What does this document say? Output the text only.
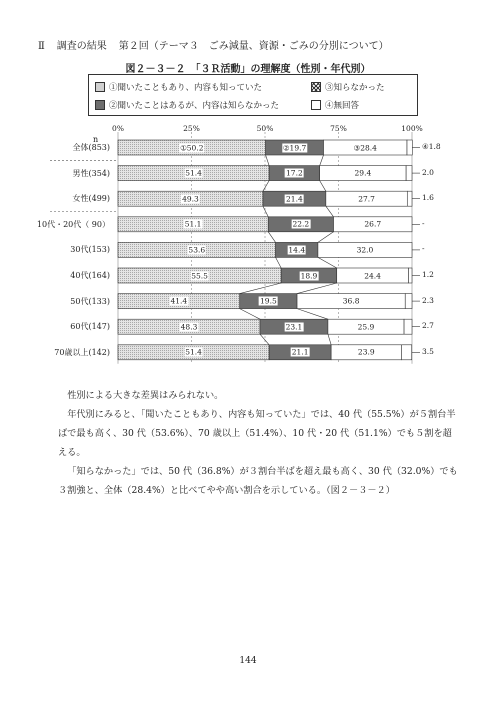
Ⅱ 調査の結果 第２回（テーマ３　ごみ減量、資源・ごみの分別について）
図２－３－２　「３Ｒ活動」の理解度（性別・年代別）
①聞いたこともあり、内容も知っていた	③知らなかった
②聞いたことはあるが、内容は知らなかった	④無回答
0%	25%	50%	75%	100%
n
全体(853)	①50.2	②19.7	③28.4	④1.8
男性(354)	51.4	17.2	29.4	2.0
女性(499)	49.3	21.4	27.7	1.6
10代・20代（ 90）	51.1	22.2	26.7	-
30代(153)	53.6	14.4	32.0	-
40代(164)	55.5	18.9	24.4	1.2
50代(133)	41.4	19.5	36.8	2.3
60代(147)	48.3	23.1	25.9	2.7
70歳以上(142)	51.4	21.1	23.9	3.5

性別による大きな差異はみられない。

年代別にみると、「聞いたこともあり、内容も知っていた」では、40 代（55.5%）が５割台半ばで最も高く、30 代（53.6%）、70 歳以上（51.4%）、10 代・20 代（51.1%）でも５割を超える。

「知らなかった」では、50 代（36.8%）が３割台半ばを超え最も高く、30 代（32.0%）でも３割強と、全体（28.4%）と比べてやや高い割合を示している。（図２－３－２）

144
